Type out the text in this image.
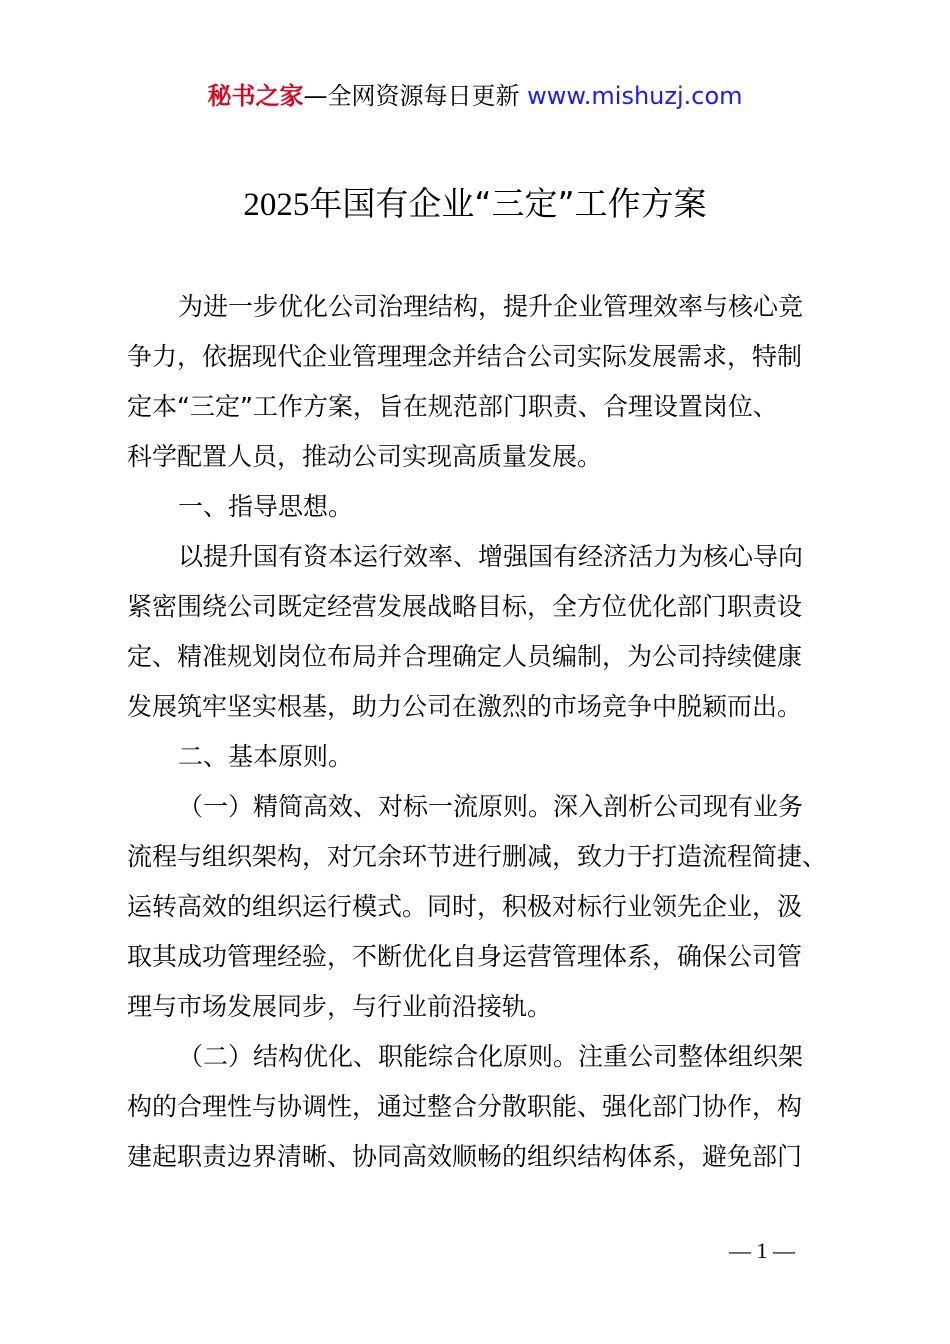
秘书之家—全网资源每日更新 www.mishuzj.com
2025年国有企业“三定”工作方案
为进一步优化公司治理结构，提升企业管理效率与核心竞
争力，依据现代企业管理理念并结合公司实际发展需求，特制
定本“三定”工作方案，旨在规范部门职责、合理设置岗位、
科学配置人员，推动公司实现高质量发展。
一、指导思想。
以提升国有资本运行效率、增强国有经济活力为核心导向
紧密围绕公司既定经营发展战略目标，全方位优化部门职责设
定、精准规划岗位布局并合理确定人员编制，为公司持续健康
发展筑牢坚实根基，助力公司在激烈的市场竞争中脱颖而出。
二、基本原则。
（一）精简高效、对标一流原则。深入剖析公司现有业务
流程与组织架构，对冗余环节进行删减，致力于打造流程简捷、
运转高效的组织运行模式。同时，积极对标行业领先企业，汲
取其成功管理经验，不断优化自身运营管理体系，确保公司管
理与市场发展同步，与行业前沿接轨。
（二）结构优化、职能综合化原则。注重公司整体组织架
构的合理性与协调性，通过整合分散职能、强化部门协作，构
建起职责边界清晰、协同高效顺畅的组织结构体系，避免部门
— 1 —
